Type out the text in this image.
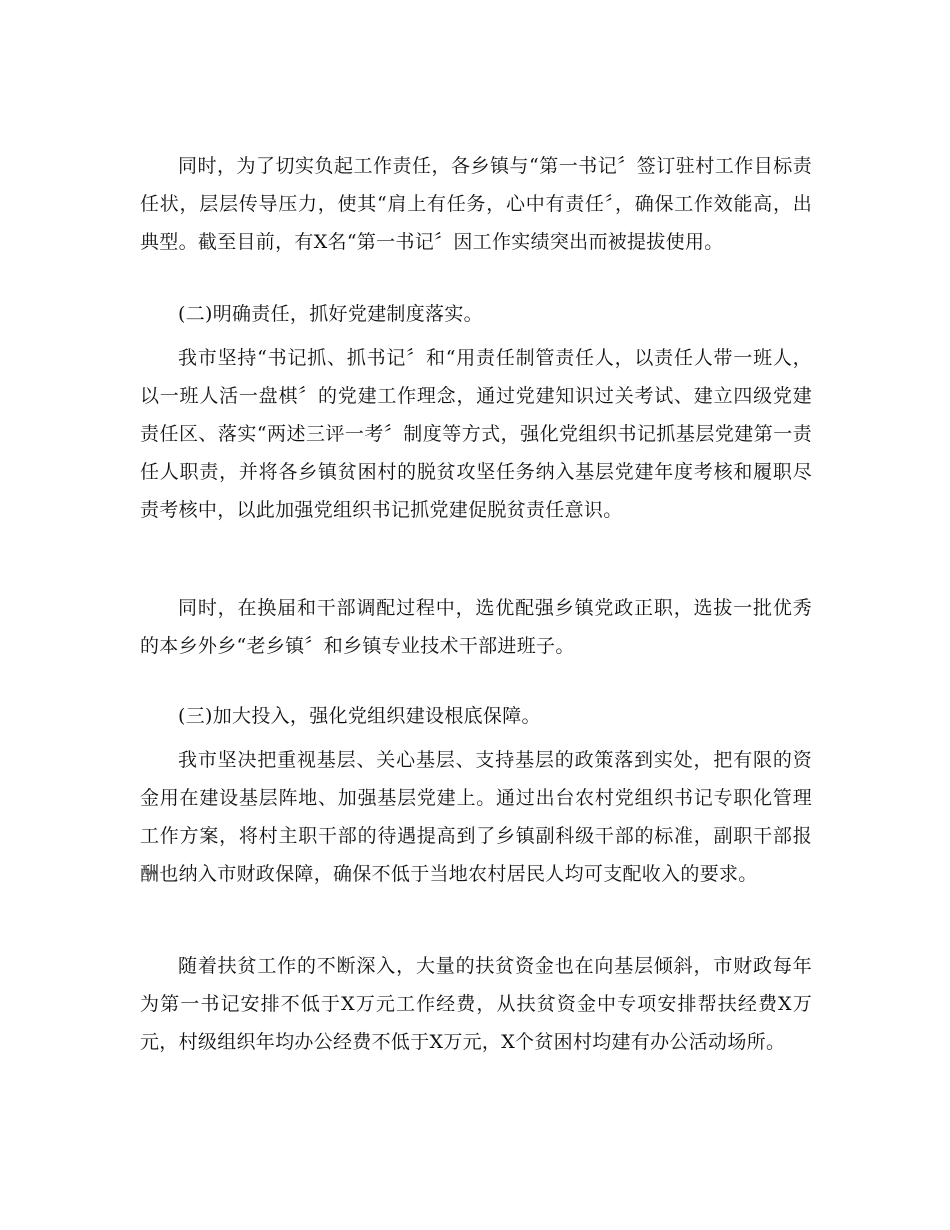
同时，为了切实负起工作责任，各乡镇与“第一书记〞签订驻村工作目标责任状，层层传导压力，使其“肩上有任务，心中有责任〞，确保工作效能高，出典型。截至目前，有X名“第一书记〞因工作实绩突出而被提拔使用。

(二)明确责任，抓好党建制度落实。

我市坚持“书记抓、抓书记〞和“用责任制管责任人，以责任人带一班人，以一班人活一盘棋〞的党建工作理念，通过党建知识过关考试、建立四级党建责任区、落实“两述三评一考〞制度等方式，强化党组织书记抓基层党建第一责任人职责，并将各乡镇贫困村的脱贫攻坚任务纳入基层党建年度考核和履职尽责考核中，以此加强党组织书记抓党建促脱贫责任意识。

同时，在换届和干部调配过程中，选优配强乡镇党政正职，选拔一批优秀的本乡外乡“老乡镇〞和乡镇专业技术干部进班子。

(三)加大投入，强化党组织建设根底保障。

我市坚决把重视基层、关心基层、支持基层的政策落到实处，把有限的资金用在建设基层阵地、加强基层党建上。通过出台农村党组织书记专职化管理工作方案，将村主职干部的待遇提高到了乡镇副科级干部的标准，副职干部报酬也纳入市财政保障，确保不低于当地农村居民人均可支配收入的要求。

随着扶贫工作的不断深入，大量的扶贫资金也在向基层倾斜，市财政每年为第一书记安排不低于X万元工作经费，从扶贫资金中专项安排帮扶经费X万元，村级组织年均办公经费不低于X万元，X个贫困村均建有办公活动场所。
